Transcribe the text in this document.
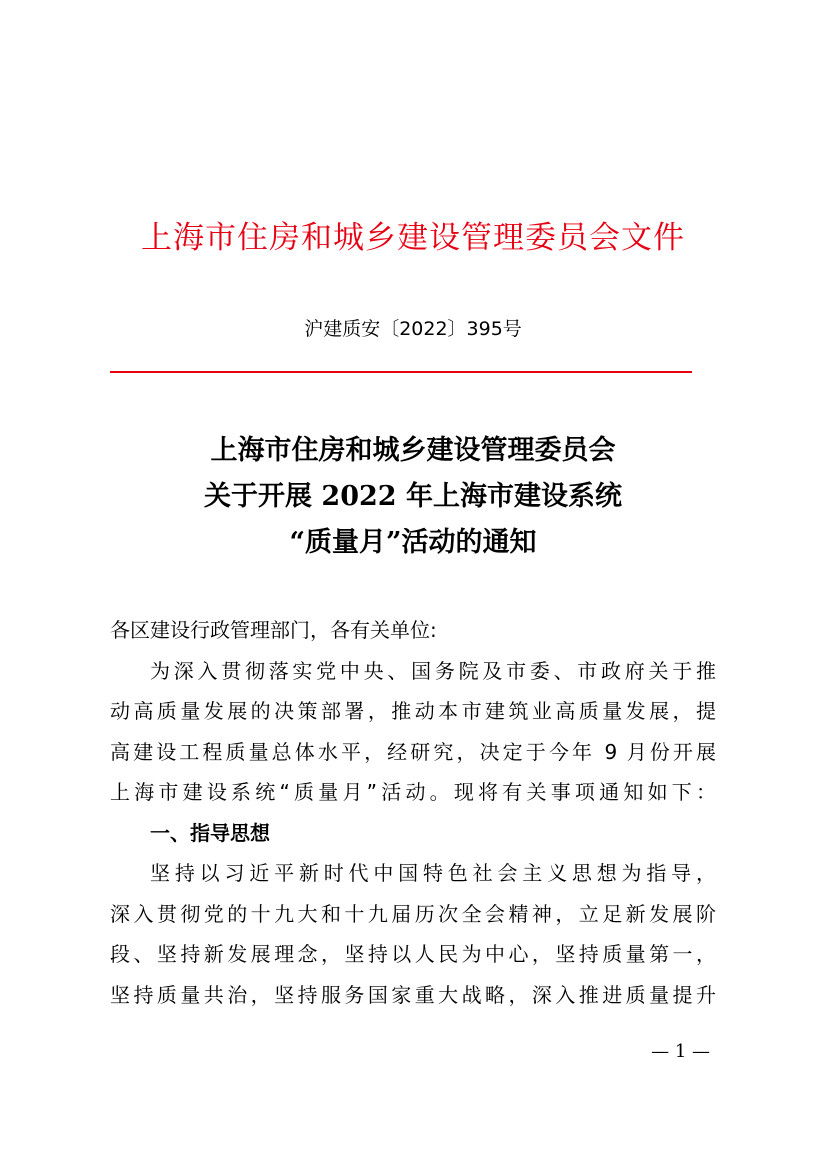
上海市住房和城乡建设管理委员会文件
沪建质安〔2022〕395号
上海市住房和城乡建设管理委员会
关于开展 2022 年上海市建设系统
“质量月”活动的通知
各区建设行政管理部门，各有关单位:
为深入贯彻落实党中央、国务院及市委、市政府关于推
动高质量发展的决策部署，推动本市建筑业高质量发展，提
高建设工程质量总体水平，经研究，决定于今年 9 月份开展
上海市建设系统“质量月”活动。现将有关事项通知如下：
一、指导思想
坚持以习近平新时代中国特色社会主义思想为指导，
深入贯彻党的十九大和十九届历次全会精神，立足新发展阶
段、坚持新发展理念，坚持以人民为中心，坚持质量第一，
坚持质量共治，坚持服务国家重大战略，深入推进质量提升
— 1 —
